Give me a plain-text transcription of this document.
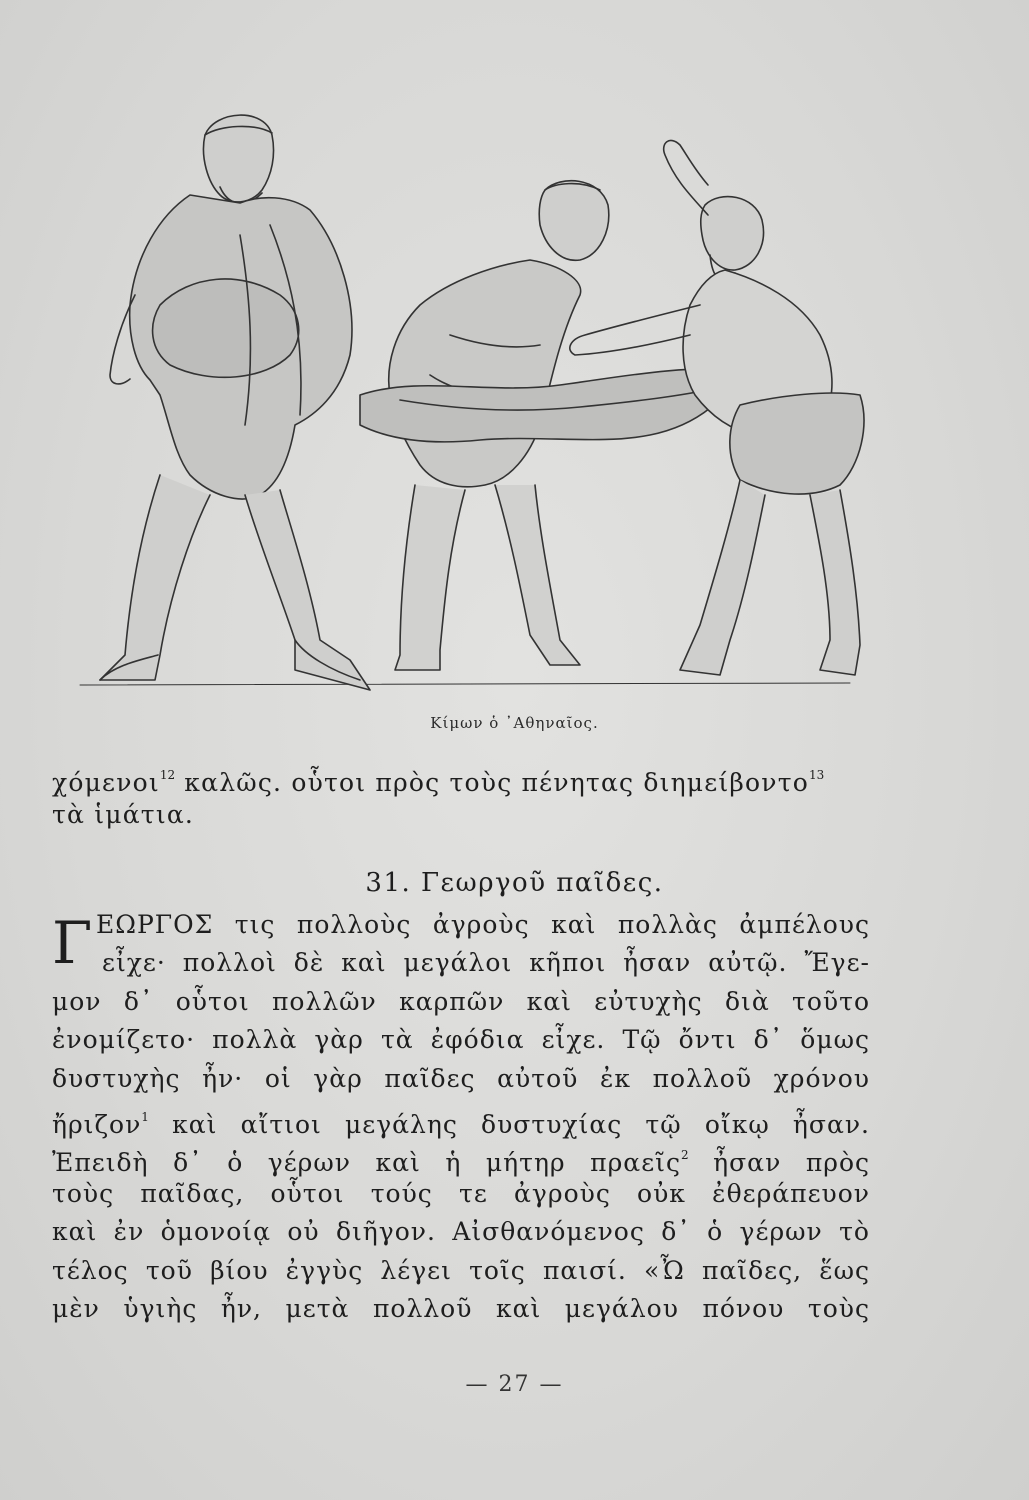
Κίμων ὁ ᾿Αθηναῖος.
χόμενοι$^{12}$ καλῶς. οὗτοι πρὸς τοὺς πένητας διημείβοντο$^{13}$
τὰ ἱμάτια.
31. Γεωργοῦ παῖδες.
Γ ΕΩΡΓΟΣ τις πολλοὺς ἀγροὺς καὶ πολλὰς ἀμπέλους
εἶχε· πολλοὶ δὲ καὶ μεγάλοι κῆποι ἦσαν αὐτῷ. Ἔγε-
μον δ᾿ οὗτοι πολλῶν καρπῶν καὶ εὐτυχὴς διὰ τοῦτο
ἐνομίζετο· πολλὰ γὰρ τὰ ἐφόδια εἶχε. Τῷ ὄντι δ᾿ ὅμως
δυστυχὴς ἦν· οἱ γὰρ παῖδες αὐτοῦ ἐκ πολλοῦ χρόνου
ἤριζον$^1$ καὶ αἴτιοι μεγάλης δυστυχίας τῷ οἴκῳ ἦσαν.
Ἐπειδὴ δ᾿ ὁ γέρων καὶ ἡ μήτηρ πραεῖς$^2$ ἦσαν πρὸς
τοὺς παῖδας, οὗτοι τούς τε ἀγροὺς οὐκ ἐθεράπευον
καὶ ἐν ὁμονοίᾳ οὐ διῆγον. Αἰσθανόμενος δ᾿ ὁ γέρων τὸ
τέλος τοῦ βίου ἐγγὺς λέγει τοῖς παισί. «Ὦ παῖδες, ἕως
μὲν ὑγιὴς ἦν, μετὰ πολλοῦ καὶ μεγάλου πόνου τοὺς
— 27 —
